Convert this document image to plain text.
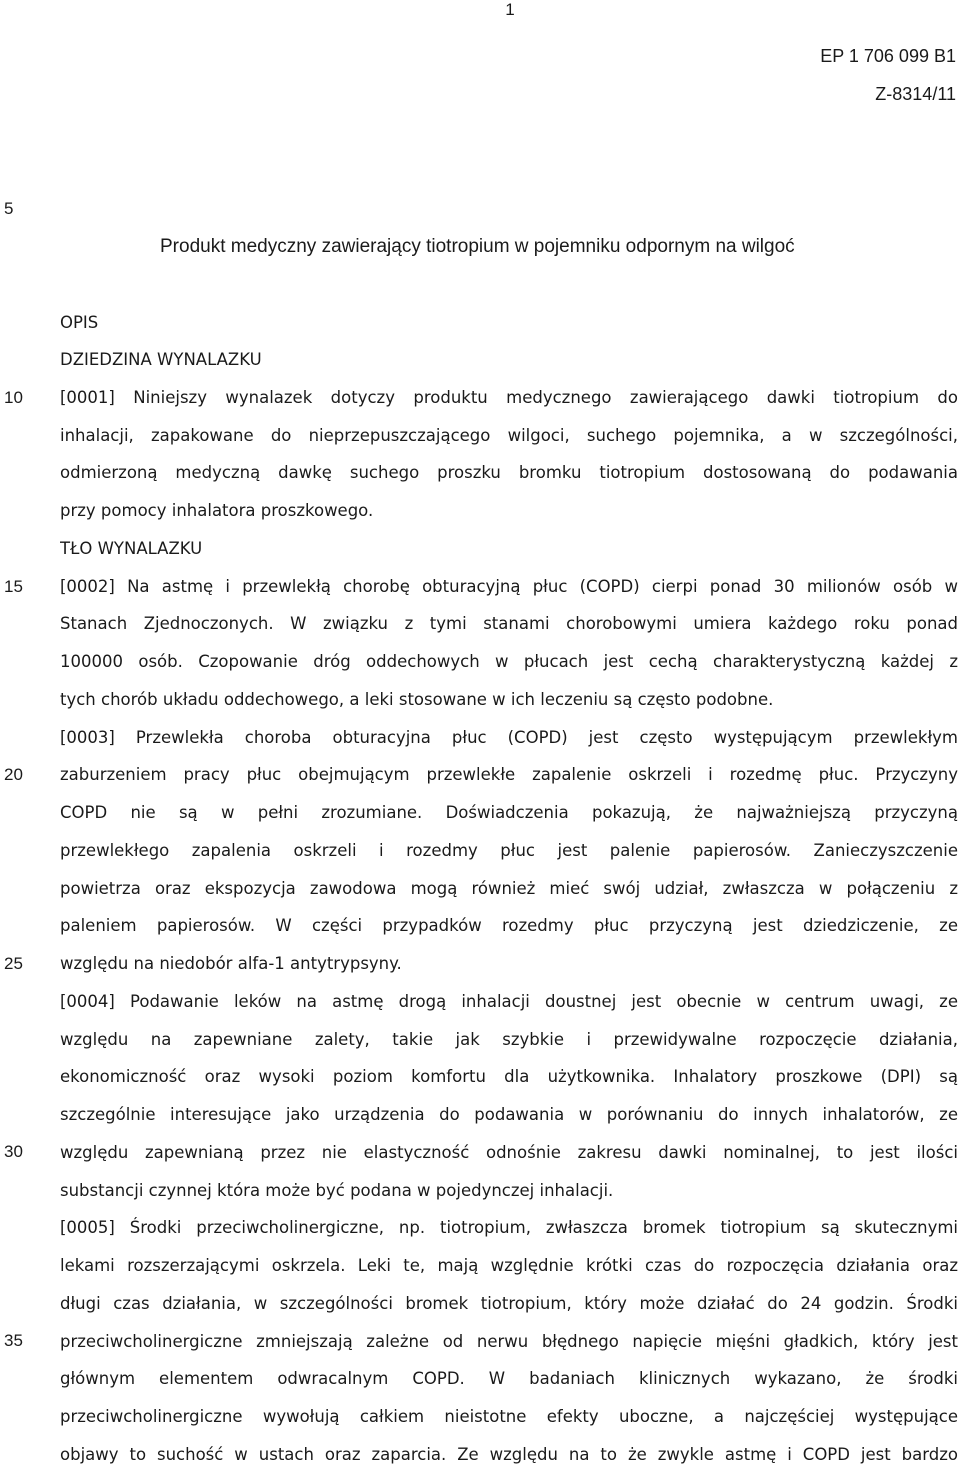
1
EP 1 706 099 B1
Z-8314/11
5
10
15
20
25
30
35
Produkt medyczny zawierający tiotropium w pojemniku odpornym na wilgoć
OPIS
DZIEDZINA WYNALAZKU
[0001] Niniejszy wynalazek dotyczy produktu medycznego zawierającego dawki tiotropium do
inhalacji, zapakowane do nieprzepuszczającego wilgoci, suchego pojemnika, a w szczególności,
odmierzoną medyczną dawkę suchego proszku bromku tiotropium dostosowaną do podawania
przy pomocy inhalatora proszkowego.
TŁO WYNALAZKU
[0002] Na astmę i przewlekłą chorobę obturacyjną płuc (COPD) cierpi ponad 30 milionów osób w
Stanach Zjednoczonych. W związku z tymi stanami chorobowymi umiera każdego roku ponad
100000 osób. Czopowanie dróg oddechowych w płucach jest cechą charakterystyczną każdej z
tych chorób układu oddechowego, a leki stosowane w ich leczeniu są często podobne.
[0003] Przewlekła choroba obturacyjna płuc (COPD) jest często występującym przewlekłym
zaburzeniem pracy płuc obejmującym przewlekłe zapalenie oskrzeli i rozedmę płuc. Przyczyny
COPD nie są w pełni zrozumiane. Doświadczenia pokazują, że najważniejszą przyczyną
przewlekłego zapalenia oskrzeli i rozedmy płuc jest palenie papierosów. Zanieczyszczenie
powietrza oraz ekspozycja zawodowa mogą również mieć swój udział, zwłaszcza w połączeniu z
paleniem papierosów. W części przypadków rozedmy płuc przyczyną jest dziedziczenie, ze
względu na niedobór alfa-1 antytrypsyny.
[0004] Podawanie leków na astmę drogą inhalacji doustnej jest obecnie w centrum uwagi, ze
względu na zapewniane zalety, takie jak szybkie i przewidywalne rozpoczęcie działania,
ekonomiczność oraz wysoki poziom komfortu dla użytkownika. Inhalatory proszkowe (DPI) są
szczególnie interesujące jako urządzenia do podawania w porównaniu do innych inhalatorów, ze
względu zapewnianą przez nie elastyczność odnośnie zakresu dawki nominalnej, to jest ilości
substancji czynnej która może być podana w pojedynczej inhalacji.
[0005] Środki przeciwcholinergiczne, np. tiotropium, zwłaszcza bromek tiotropium są skutecznymi
lekami rozszerzającymi oskrzela. Leki te, mają względnie krótki czas do rozpoczęcia działania oraz
długi czas działania, w szczególności bromek tiotropium, który może działać do 24 godzin. Środki
przeciwcholinergiczne zmniejszają zależne od nerwu błędnego napięcie mięśni gładkich, który jest
głównym elementem odwracalnym COPD. W badaniach klinicznych wykazano, że środki
przeciwcholinergiczne wywołują całkiem nieistotne efekty uboczne, a najczęściej występujące
objawy to suchość w ustach oraz zaparcia. Ze względu na to że zwykle astmę i COPD jest bardzo
